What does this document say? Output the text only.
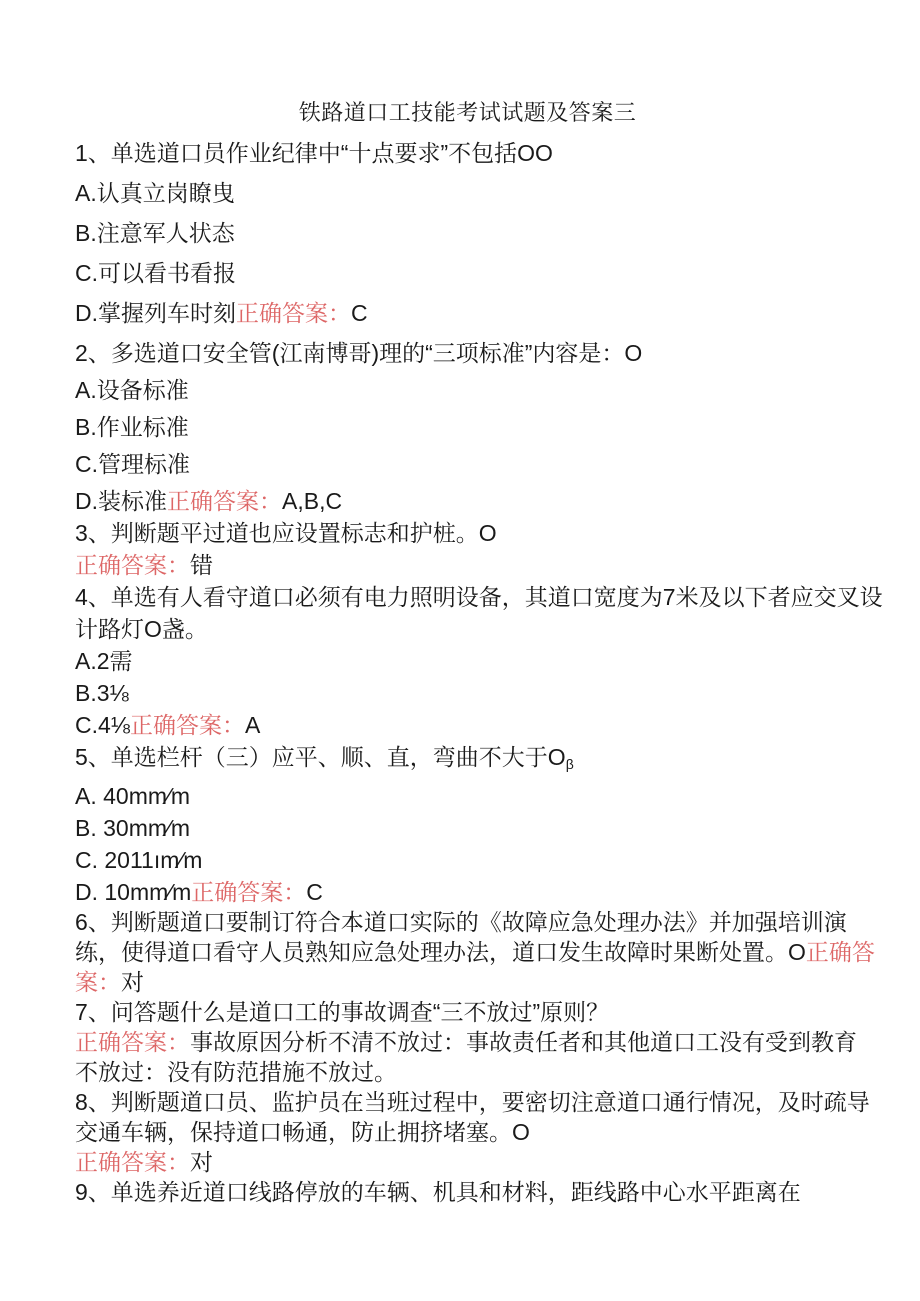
铁路道口工技能考试试题及答案三

1、单选道口员作业纪律中“十点要求”不包括OO

A.认真立岗瞭曳

B.注意军人状态

C.可以看书看报

D.掌握列车时刻正确答案：C

2、多选道口安全管(江南博哥)理的“三项标准”内容是：O

A.设备标准

B.作业标准

C.管理标准

D.装标准正确答案：A,B,C

3、判断题平过道也应设置标志和护桩。O

正确答案：错

4、单选有人看守道口必须有电力照明设备，其道口宽度为7米及以下者应交叉设

计路灯O盏。

A.2需

B.3⅛

C.4⅛正确答案：A

5、单选栏杆（三）应平、顺、直，弯曲不大于$O_\beta$

A. 40mm∕m

B. 30mm∕m

C. 2011ım∕m

D. 10mm∕m正确答案：C

6、判断题道口要制订符合本道口实际的《故障应急处理办法》并加强培训演

练，使得道口看守人员熟知应急处理办法，道口发生故障时果断处置。O正确答

案：对

7、问答题什么是道口工的事故调查“三不放过”原则？

正确答案：事故原因分析不清不放过：事故责任者和其他道口工没有受到教育

不放过：没有防范措施不放过。

8、判断题道口员、监护员在当班过程中，要密切注意道口通行情况，及时疏导

交通车辆，保持道口畅通，防止拥挤堵塞。O

正确答案：对

9、单选养近道口线路停放的车辆、机具和材料，距线路中心水平距离在
